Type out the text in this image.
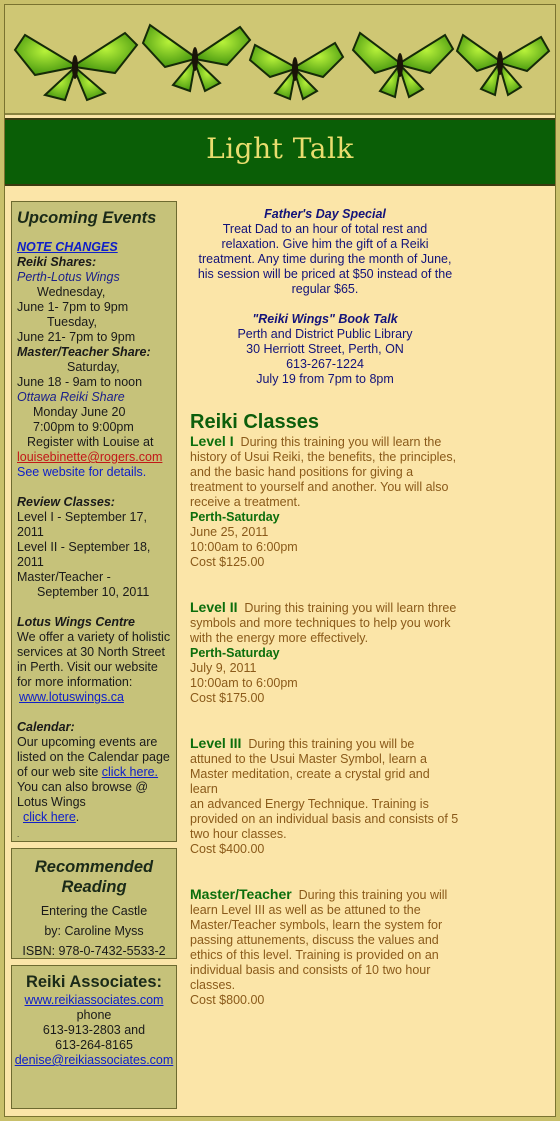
Light Talk
Upcoming Events
NOTE CHANGES
Reiki Shares:
Perth-Lotus Wings
Wednesday,
June 1- 7pm to 9pm
Tuesday,
June 21- 7pm to 9pm
Master/Teacher Share:
Saturday,
June 18 - 9am to noon
Ottawa Reiki Share
Monday June 20
7:00pm to 9:00pm
Register with Louise at
louisebinette@rogers.com
See website for details.
Review Classes:
Level I - September 17,
2011
Level II - September 18,
2011
Master/Teacher -
September 10, 2011
Lotus Wings Centre
We offer a variety of holistic
services at 30 North Street
in Perth. Visit our website
for more information:
www.lotuswings.ca
Calendar:
Our upcoming events are
listed on the Calendar page
of our web site click here.
You can also browse @
Lotus Wings
click here.
.
Recommended
Reading
Entering the Castle
by: Caroline Myss
ISBN: 978-0-7432-5533-2
Reiki Associates:
www.reikiassociates.com
phone
613-913-2803 and
613-264-8165
denise@reikiassociates.com
Father's Day Special
Treat Dad to an hour of total rest and
relaxation. Give him the gift of a Reiki
treatment. Any time during the month of June,
his session will be priced at $50 instead of the
regular $65.
"Reiki Wings" Book Talk
Perth and District Public Library
30 Herriott Street, Perth, ON
613-267-1224
July 19 from 7pm to 8pm
Reiki Classes
Level I During this training you will learn the
history of Usui Reiki, the benefits, the principles,
and the basic hand positions for giving a
treatment to yourself and another. You will also
receive a treatment.
Perth-Saturday
June 25, 2011
10:00am to 6:00pm
Cost $125.00
Level II During this training you will learn three
symbols and more techniques to help you work
with the energy more effectively.
Perth-Saturday
July 9, 2011
10:00am to 6:00pm
Cost $175.00
Level III During this training you will be
attuned to the Usui Master Symbol, learn a
Master meditation, create a crystal grid and learn
an advanced Energy Technique. Training is
provided on an individual basis and consists of 5
two hour classes.
Cost $400.00
Master/Teacher During this training you will
learn Level III as well as be attuned to the
Master/Teacher symbols, learn the system for
passing attunements, discuss the values and
ethics of this level. Training is provided on an
individual basis and consists of 10 two hour
classes.
Cost $800.00
